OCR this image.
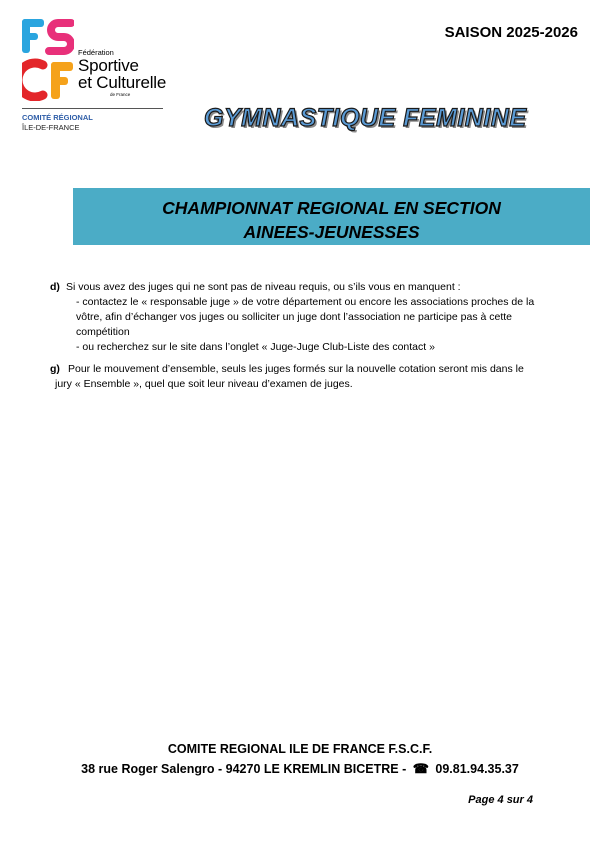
Fédération
Sportive
et Culturelle
de France
COMITÉ RÉGIONAL
ÎLE-DE-FRANCE
SAISON 2025-2026
GYMNASTIQUE FEMININE
CHAMPIONNAT REGIONAL EN SECTION
AINEES-JEUNESSES
d) Si vous avez des juges qui ne sont pas de niveau requis, ou s’ils vous en manquent :
- contactez le « responsable juge » de votre département ou encore les associations proches de la
vôtre, afin d’échanger vos juges ou solliciter un juge dont l’association ne participe pas à cette
compétition
- ou recherchez sur le site dans l’onglet « Juge-Juge Club-Liste des contact »
g) Pour le mouvement d’ensemble, seuls les juges formés sur la nouvelle cotation seront mis dans le
jury « Ensemble », quel que soit leur niveau d’examen de juges.
COMITE REGIONAL ILE DE FRANCE F.S.C.F.
38 rue Roger Salengro - 94270 LE KREMLIN BICETRE - ☎ 09.81.94.35.37
Page 4 sur 4
